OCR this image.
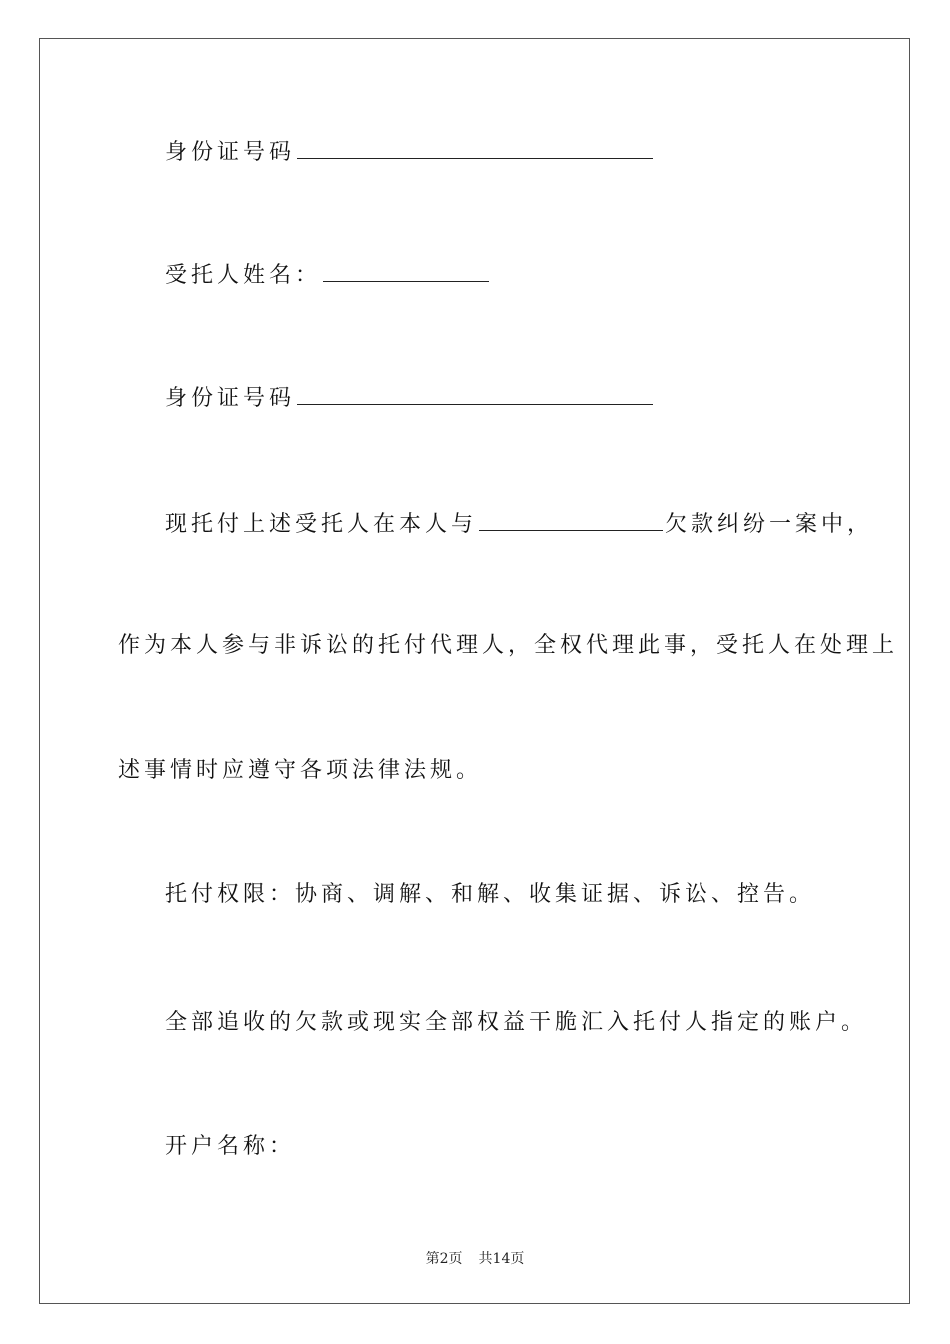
身份证号码
受托人姓名：
身份证号码
现托付上述受托人在本人与	欠款纠纷一案中，
作为本人参与非诉讼的托付代理人，全权代理此事，受托人在处理上
述事情时应遵守各项法律法规。
托付权限：协商、调解、和解、收集证据、诉讼、控告。
全部追收的欠款或现实全部权益干脆汇入托付人指定的账户。
开户名称：
第2页 共14页
